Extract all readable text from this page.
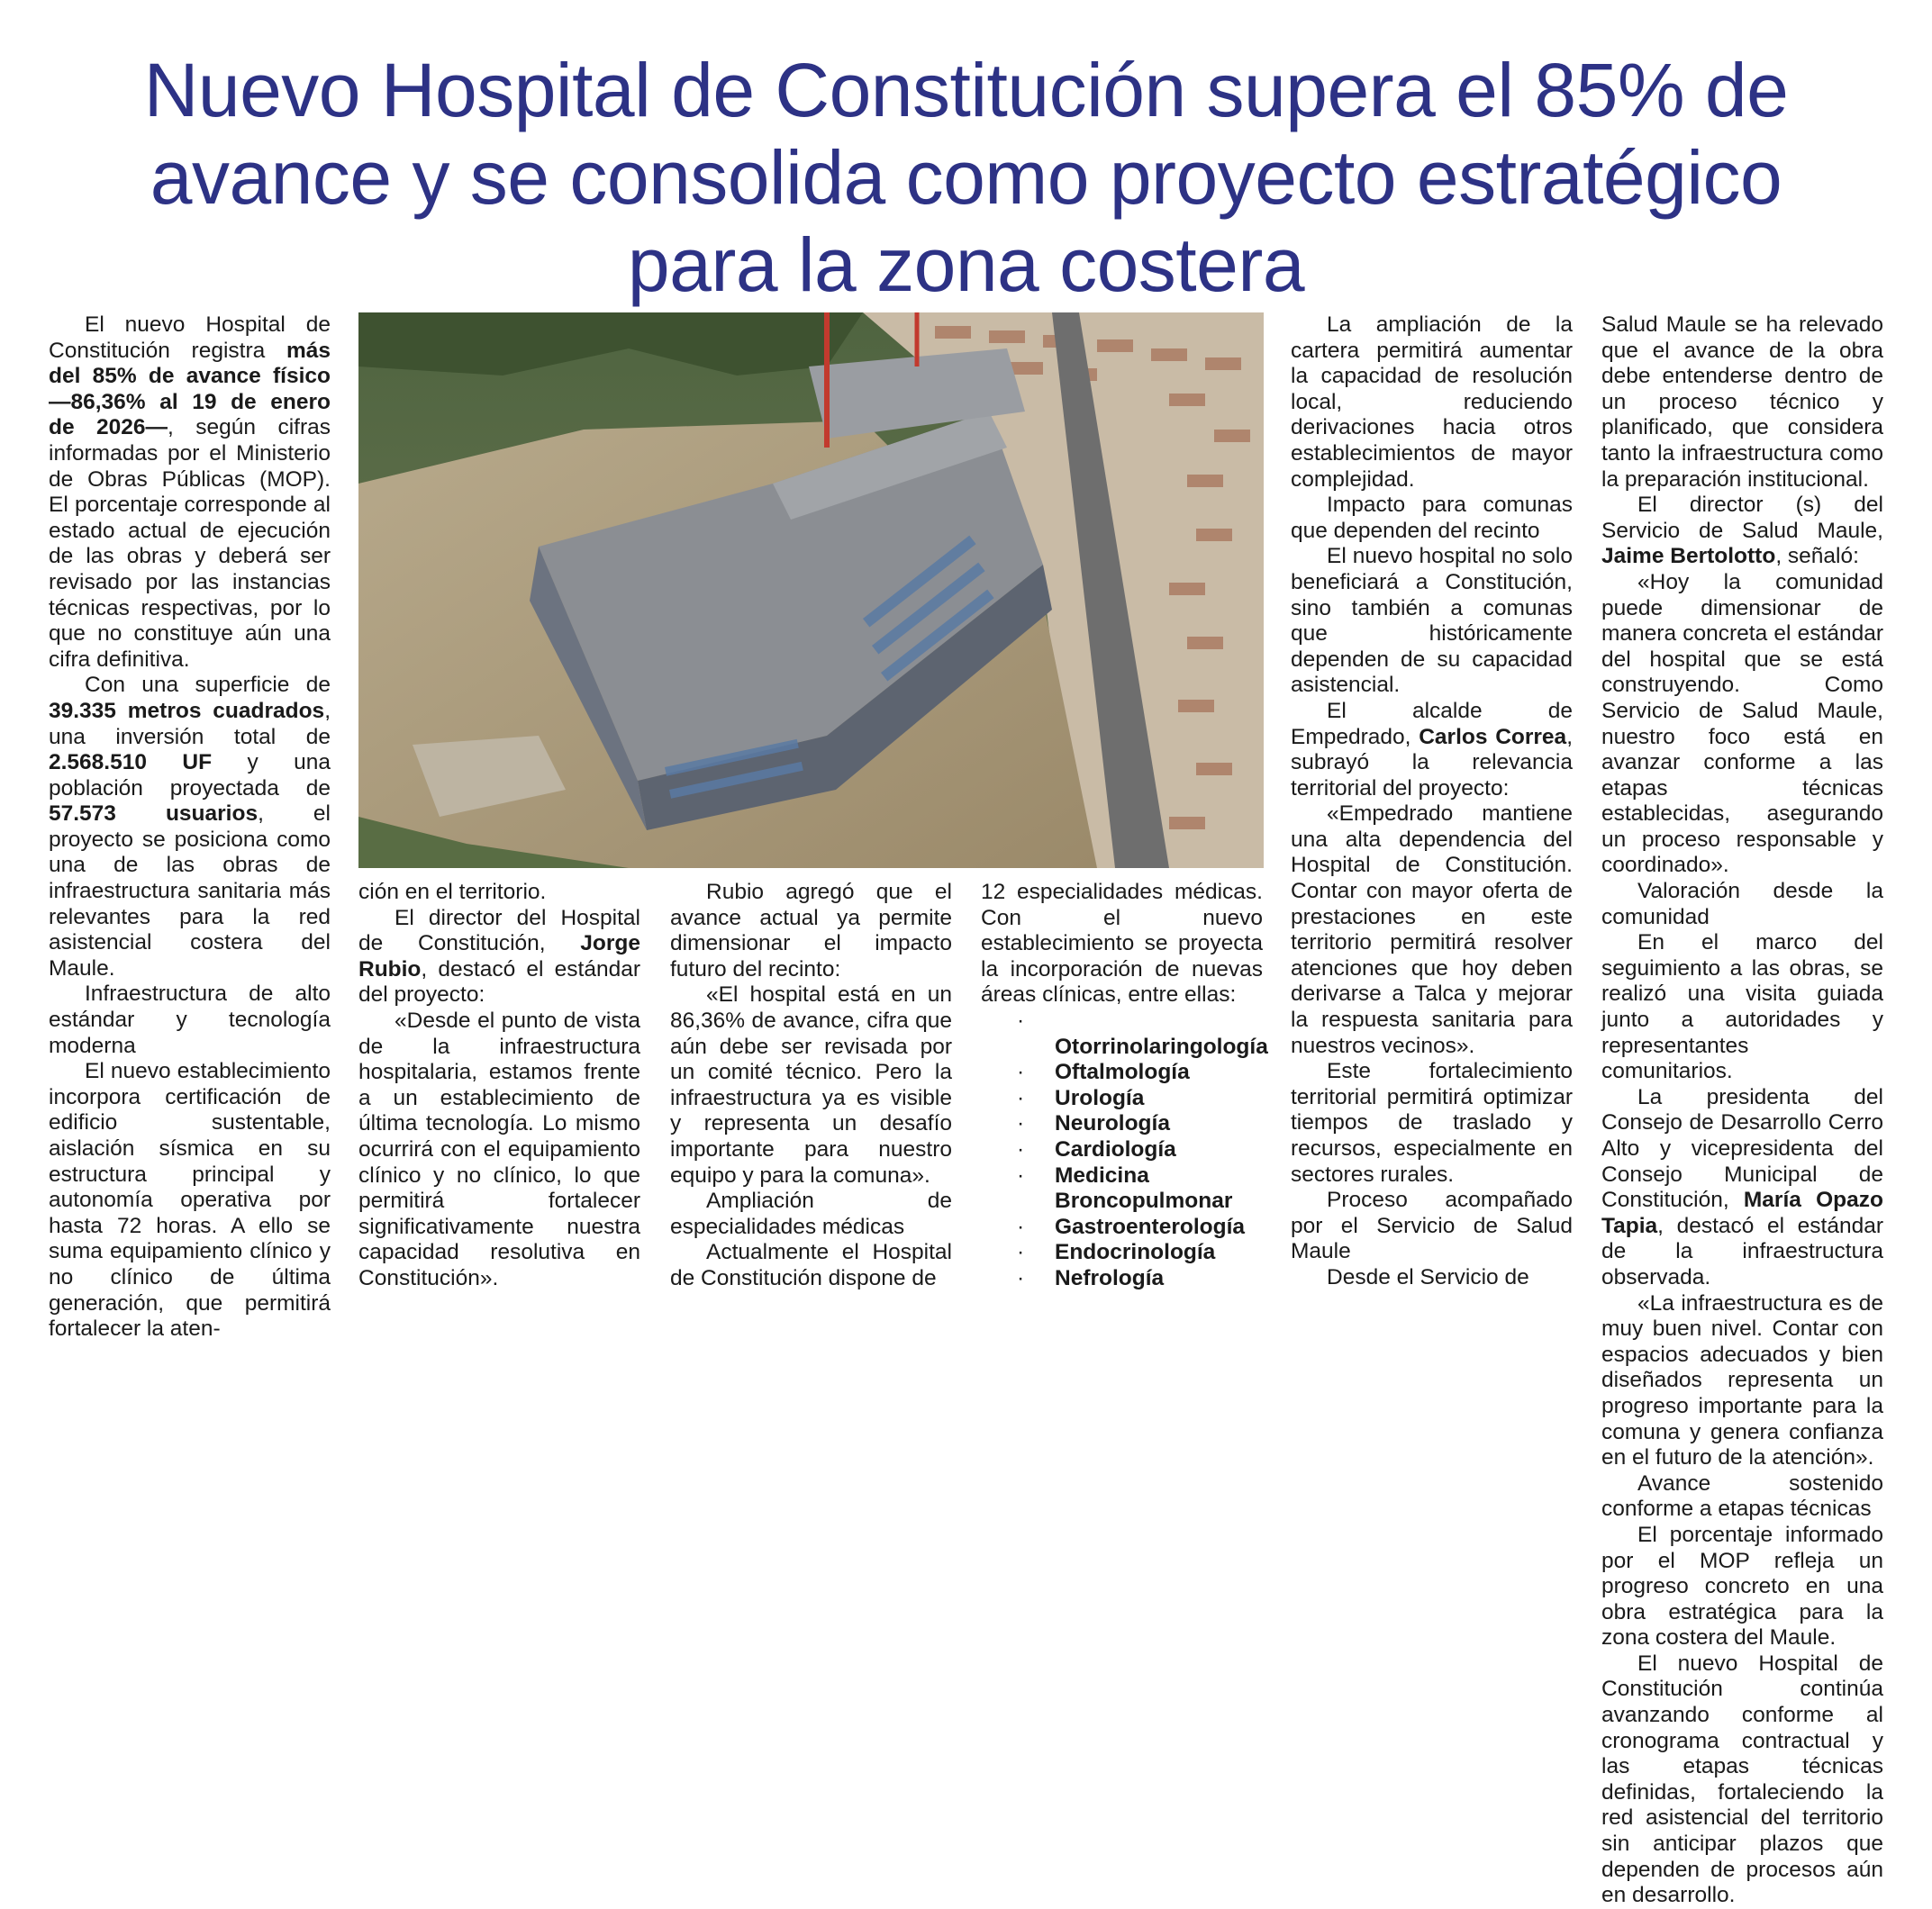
Nuevo Hospital de Constitución supera el 85% de avance y se consolida como proyecto estratégico para la zona costera

El nuevo Hospital de Constitución registra más del 85% de avance físico —86,36% al 19 de enero de 2026—, según cifras informadas por el Ministerio de Obras Públicas (MOP). El porcentaje corresponde al estado actual de ejecución de las obras y deberá ser revisado por las instancias técnicas respectivas, por lo que no constituye aún una cifra definitiva.

Con una superficie de 39.335 metros cuadrados, una inversión total de 2.568.510 UF y una población proyectada de 57.573 usuarios, el proyecto se posiciona como una de las obras de infraestructura sanitaria más relevantes para la red asistencial costera del Maule.

Infraestructura de alto estándar y tecnología moderna

El nuevo establecimiento incorpora certificación de edificio sustentable, aislación sísmica en su estructura principal y autonomía operativa por hasta 72 horas. A ello se suma equipamiento clínico y no clínico de última generación, que permitirá fortalecer la aten-

ción en el territorio.

El director del Hospital de Constitución, Jorge Rubio, destacó el estándar del proyecto:

«Desde el punto de vista de la infraestructura hospitalaria, estamos frente a un establecimiento de última tecnología. Lo mismo ocurrirá con el equipamiento clínico y no clínico, lo que permitirá fortalecer significativamente nuestra capacidad resolutiva en Constitución».

Rubio agregó que el avance actual ya permite dimensionar el impacto futuro del recinto:

«El hospital está en un 86,36% de avance, cifra que aún debe ser revisada por un comité técnico. Pero la infraestructura ya es visible y representa un desafío importante para nuestro equipo y para la comuna».

Ampliación de especialidades médicas

Actualmente el Hospital de Constitución dispone de

12 especialidades médicas. Con el nuevo establecimiento se proyecta la incorporación de nuevas áreas clínicas, entre ellas:

·Otorrinolaringología
· Oftalmología
· Urología
· Neurología
· Cardiología
· Medicina Broncopulmonar
· Gastroenterología
· Endocrinología
· Nefrología

La ampliación de la cartera permitirá aumentar la capacidad de resolución local, reduciendo derivaciones hacia otros establecimientos de mayor complejidad.

Impacto para comunas que dependen del recinto

El nuevo hospital no solo beneficiará a Constitución, sino también a comunas que históricamente dependen de su capacidad asistencial.

El alcalde de Empedrado, Carlos Correa, subrayó la relevancia territorial del proyecto:

«Empedrado mantiene una alta dependencia del Hospital de Constitución. Contar con mayor oferta de prestaciones en este territorio permitirá resolver atenciones que hoy deben derivarse a Talca y mejorar la respuesta sanitaria para nuestros vecinos».

Este fortalecimiento territorial permitirá optimizar tiempos de traslado y recursos, especialmente en sectores rurales.

Proceso acompañado por el Servicio de Salud Maule

Desde el Servicio de

Salud Maule se ha relevado que el avance de la obra debe entenderse dentro de un proceso técnico y planificado, que considera tanto la infraestructura como la preparación institucional.

El director (s) del Servicio de Salud Maule, Jaime Bertolotto, señaló:

«Hoy la comunidad puede dimensionar de manera concreta el estándar del hospital que se está construyendo. Como Servicio de Salud Maule, nuestro foco está en avanzar conforme a las etapas técnicas establecidas, asegurando un proceso responsable y coordinado».

Valoración desde la comunidad

En el marco del seguimiento a las obras, se realizó una visita guiada junto a autoridades y representantes comunitarios.

La presidenta del Consejo de Desarrollo Cerro Alto y vicepresidenta del Consejo Municipal de Constitución, María Opazo Tapia, destacó el estándar de la infraestructura observada.

«La infraestructura es de muy buen nivel. Contar con espacios adecuados y bien diseñados representa un progreso importante para la comuna y genera confianza en el futuro de la atención».

Avance sostenido conforme a etapas técnicas

El porcentaje informado por el MOP refleja un progreso concreto en una obra estratégica para la zona costera del Maule.

El nuevo Hospital de Constitución continúa avanzando conforme al cronograma contractual y las etapas técnicas definidas, fortaleciendo la red asistencial del territorio sin anticipar plazos que dependen de procesos aún en desarrollo.
